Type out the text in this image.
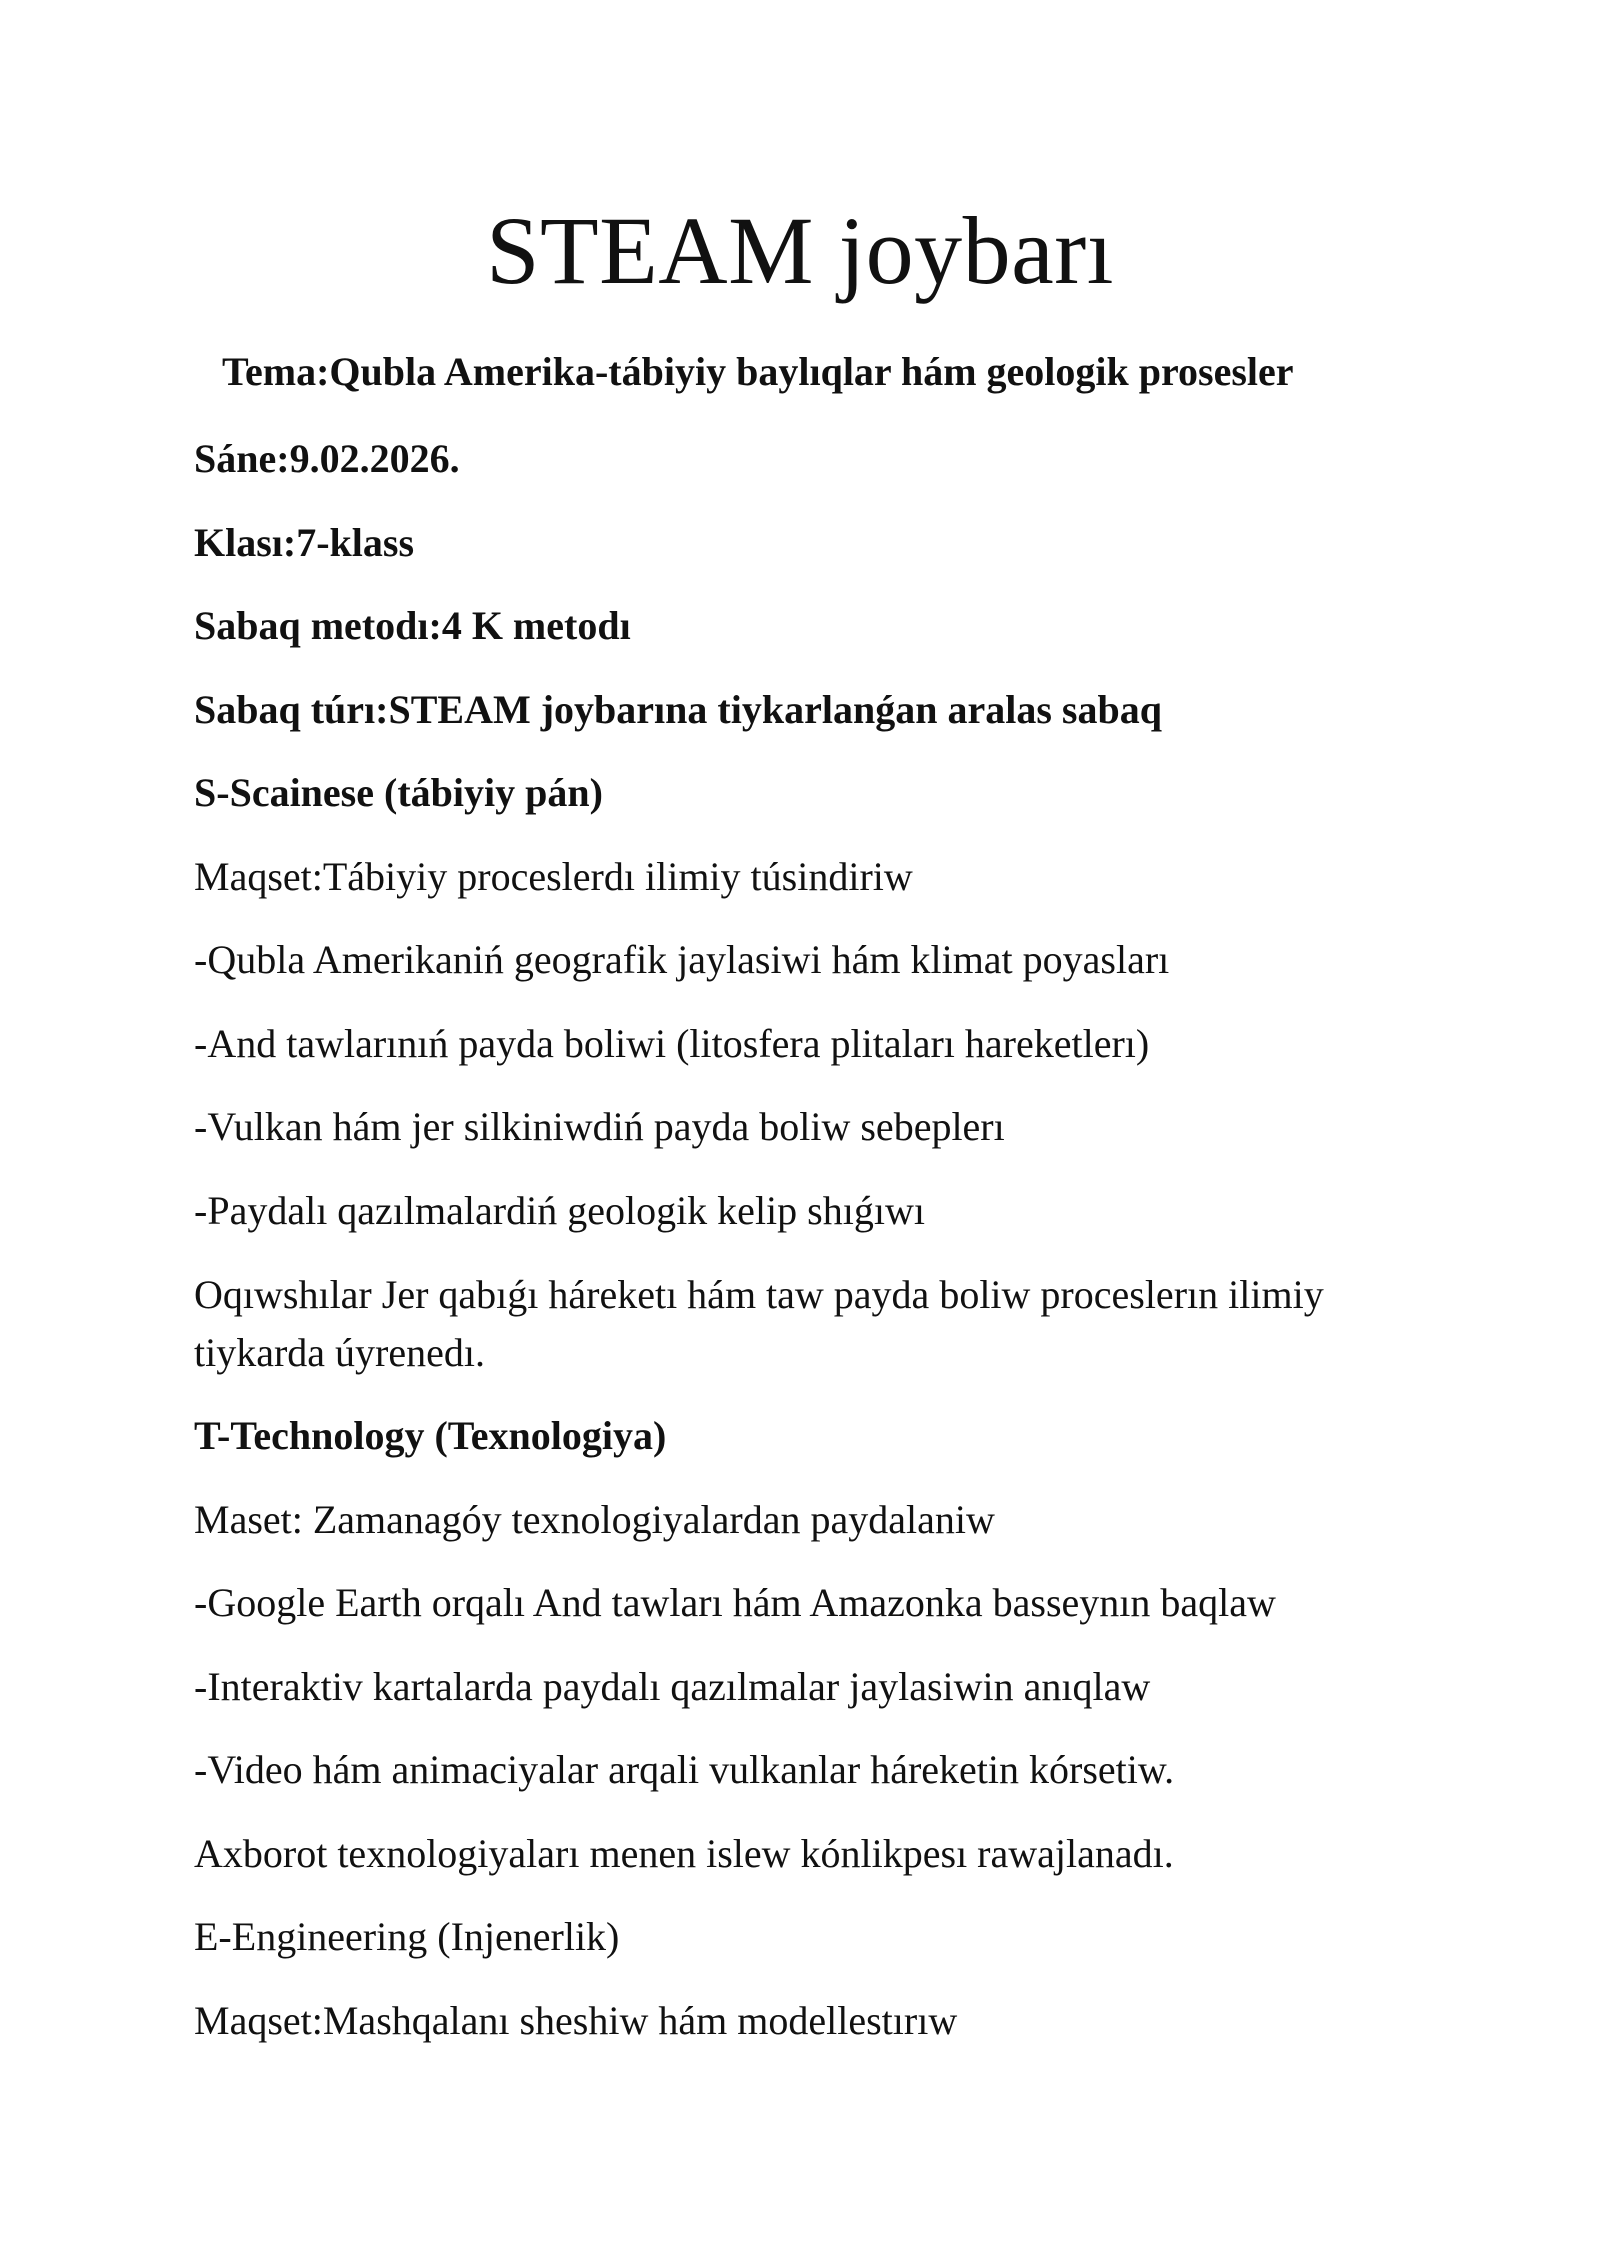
STEAM joybarı
Tema:Qubla Amerika-tábiyiy baylıqlar hám geologik prosesler
Sáne:9.02.2026.
Klası:7-klass
Sabaq metodı:4 K metodı
Sabaq túrı:STEAM joybarına tiykarlanǵan aralas sabaq
S-Scainese (tábiyiy pán)
Maqset:Tábiyiy proceslerdı ilimiy túsindiriw
-Qubla Amerikaniń geografik jaylasiwi hám klimat poyasları
-And tawlarınıń payda boliwi (litosfera plitaları hareketlerı)
-Vulkan hám jer silkiniwdiń payda boliw sebeplerı
-Paydalı qazılmalardiń geologik kelip shıǵıwı
Oqıwshılar Jer qabıǵı háreketı hám taw payda boliw proceslerın ilimiy tiykarda úyrenedı.
T-Technology (Texnologiya)
Maset: Zamanagóy texnologiyalardan paydalaniw
-Google Earth orqalı And tawları hám Amazonka basseynın baqlaw
-Interaktiv kartalarda paydalı qazılmalar jaylasiwin anıqlaw
-Video hám animaciyalar arqali vulkanlar háreketin kórsetiw.
Axborot texnologiyaları menen islew kónlikpesı rawajlanadı.
E-Engineering (Injenerlik)
Maqset:Mashqalanı sheshiw hám modellestırıw
